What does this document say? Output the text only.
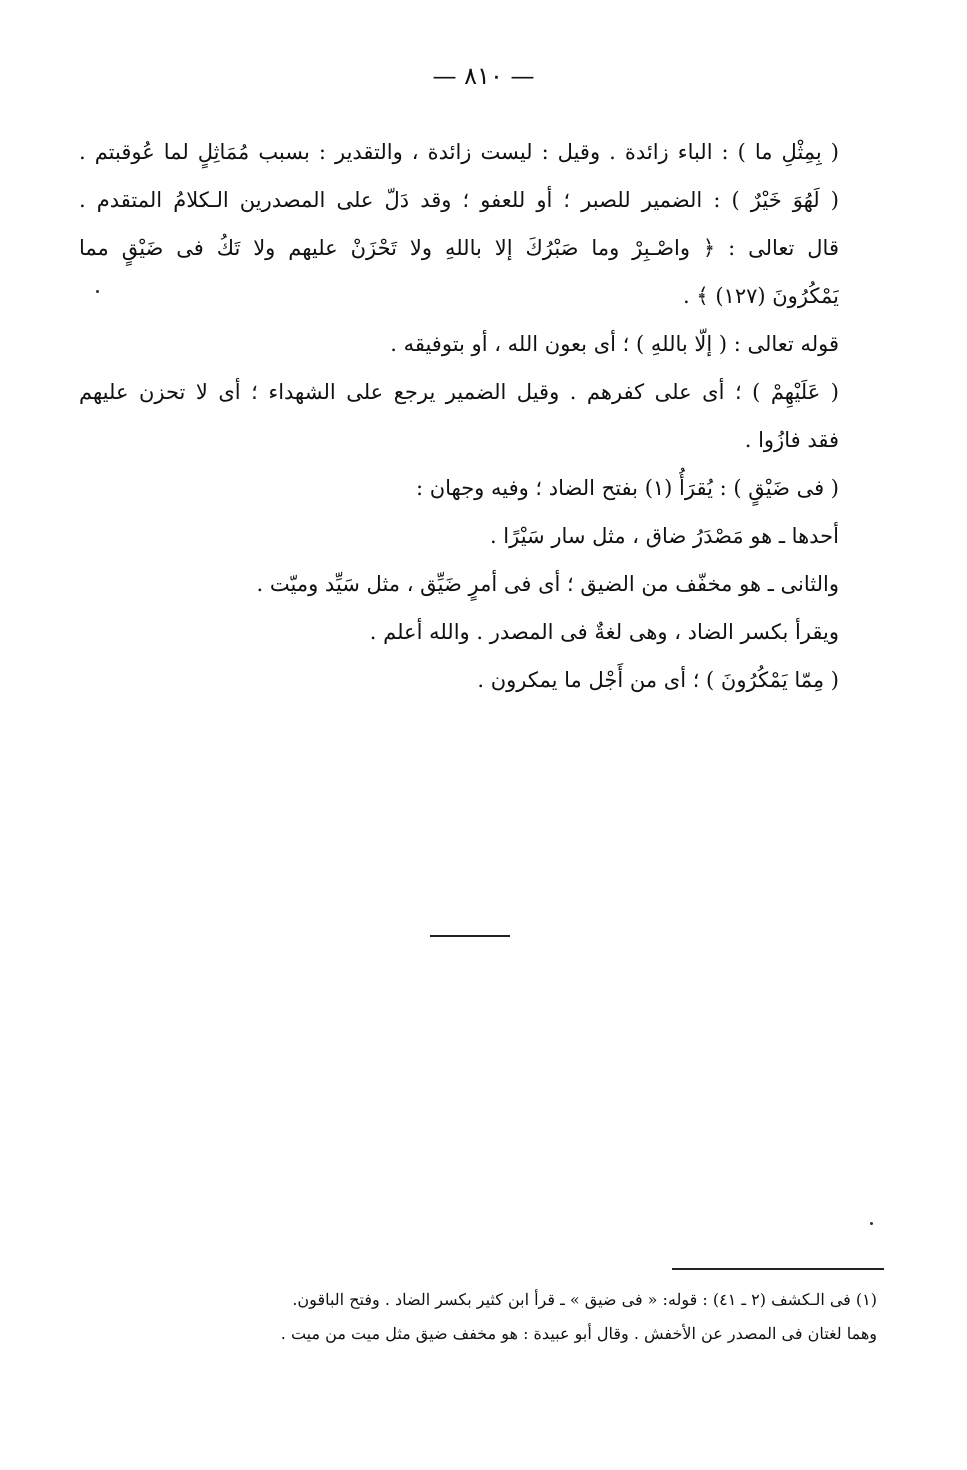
— ٨١٠ —
( بِمِثْلِ ما ) : الباء زائدة . وقيل : ليست زائدة ، والتقدير : بسبب مُمَاثِلٍ لما عُوقبتم .
( لَهُوَ خَيْرٌ ) : الضمير للصبر ؛ أو للعفو ؛ وقد دَلّ على المصدرين الـكلامُ المتقدم .
قال تعالى : ﴿ واصْـبِرْ وما صَبْرُكَ إلا باللهِ ولا تَحْزَنْ عليهم ولا تَكُ فى ضَيْقٍ مما
يَمْكُرُونَ (١٢٧) ﴾ .
قوله تعالى : ( إلّا باللهِ ) ؛ أى بعون الله ، أو بتوفيقه .
( عَلَيْهِمْ ) ؛ أى على كفرهم . وقيل الضمير يرجع على الشهداء ؛ أى لا تحزن عليهم
فقد فازُوا .
( فى ضَيْقٍ ) : يُقرَأُ (١) بفتح الضاد ؛ وفيه وجهان :
أحدها ـ هو مَصْدَرُ ضاق ، مثل سار سَيْرًا .
والثانى ـ هو مخفّف من الضيق ؛ أى فى أمرٍ ضَيِّق ، مثل سَيِّد وميّت .
ويقرأ بكسر الضاد ، وهى لغةٌ فى المصدر . والله أعلم .
( مِمّا يَمْكُرُونَ ) ؛ أى من أَجْل ما يمكرون .
(١) فى الـكشف (٢ ـ ٤١) : قوله: « فى ضيق » ـ قرأ ابن كثير بكسر الضاد . وفتح الباقون.
وهما لغتان فى المصدر عن الأخفش . وقال أبو عبيدة : هو مخفف ضيق مثل ميت من ميت .
